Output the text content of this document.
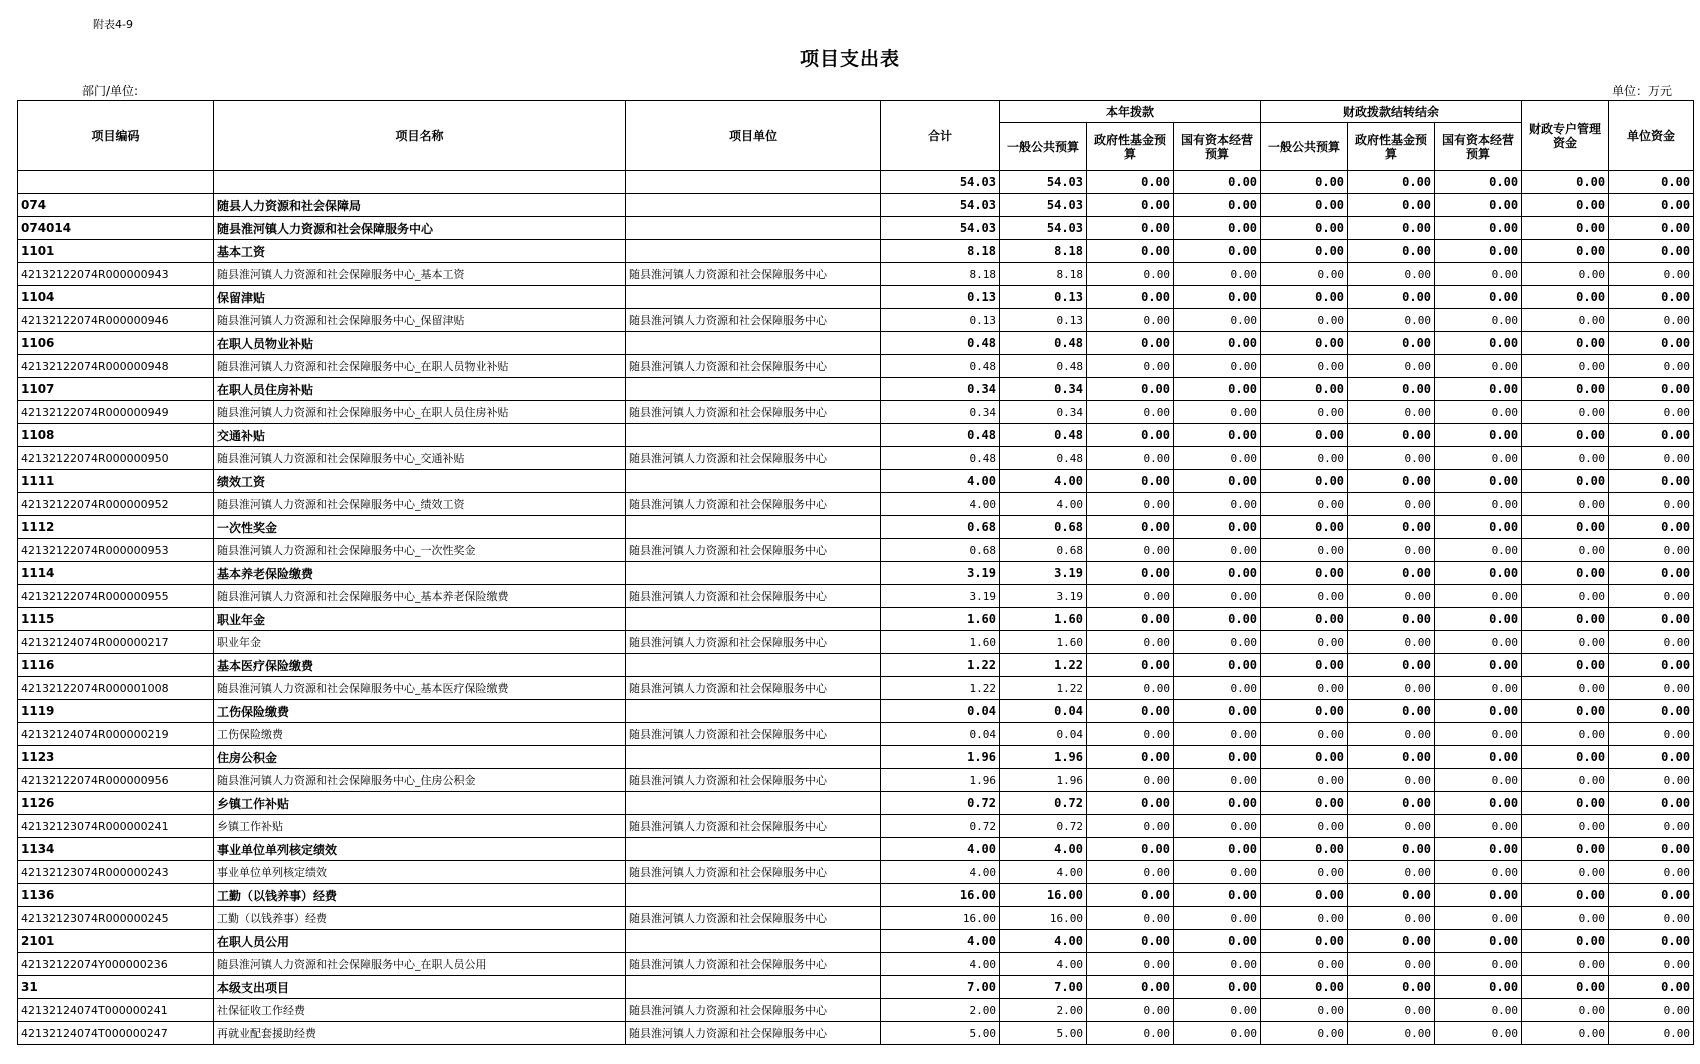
附表4-9
项目支出表
部门/单位:	单位：万元
项目编码	项目名称	项目单位	合计	本年拨款			财政拨款结转结余			财政专户管理资金	单位资金
				一般公共预算	政府性基金预算	国有资本经营预算	一般公共预算	政府性基金预算	国有资本经营预算		
			54.03	54.03	0.00	0.00	0.00	0.00	0.00	0.00	0.00
074	随县人力资源和社会保障局		54.03	54.03	0.00	0.00	0.00	0.00	0.00	0.00	0.00
074014	随县淮河镇人力资源和社会保障服务中心		54.03	54.03	0.00	0.00	0.00	0.00	0.00	0.00	0.00
1101	基本工资		8.18	8.18	0.00	0.00	0.00	0.00	0.00	0.00	0.00
42132122074R000000943	随县淮河镇人力资源和社会保障服务中心_基本工资	随县淮河镇人力资源和社会保障服务中心	8.18	8.18	0.00	0.00	0.00	0.00	0.00	0.00	0.00
1104	保留津贴		0.13	0.13	0.00	0.00	0.00	0.00	0.00	0.00	0.00
42132122074R000000946	随县淮河镇人力资源和社会保障服务中心_保留津贴	随县淮河镇人力资源和社会保障服务中心	0.13	0.13	0.00	0.00	0.00	0.00	0.00	0.00	0.00
1106	在职人员物业补贴		0.48	0.48	0.00	0.00	0.00	0.00	0.00	0.00	0.00
42132122074R000000948	随县淮河镇人力资源和社会保障服务中心_在职人员物业补贴	随县淮河镇人力资源和社会保障服务中心	0.48	0.48	0.00	0.00	0.00	0.00	0.00	0.00	0.00
1107	在职人员住房补贴		0.34	0.34	0.00	0.00	0.00	0.00	0.00	0.00	0.00
42132122074R000000949	随县淮河镇人力资源和社会保障服务中心_在职人员住房补贴	随县淮河镇人力资源和社会保障服务中心	0.34	0.34	0.00	0.00	0.00	0.00	0.00	0.00	0.00
1108	交通补贴		0.48	0.48	0.00	0.00	0.00	0.00	0.00	0.00	0.00
42132122074R000000950	随县淮河镇人力资源和社会保障服务中心_交通补贴	随县淮河镇人力资源和社会保障服务中心	0.48	0.48	0.00	0.00	0.00	0.00	0.00	0.00	0.00
1111	绩效工资		4.00	4.00	0.00	0.00	0.00	0.00	0.00	0.00	0.00
42132122074R000000952	随县淮河镇人力资源和社会保障服务中心_绩效工资	随县淮河镇人力资源和社会保障服务中心	4.00	4.00	0.00	0.00	0.00	0.00	0.00	0.00	0.00
1112	一次性奖金		0.68	0.68	0.00	0.00	0.00	0.00	0.00	0.00	0.00
42132122074R000000953	随县淮河镇人力资源和社会保障服务中心_一次性奖金	随县淮河镇人力资源和社会保障服务中心	0.68	0.68	0.00	0.00	0.00	0.00	0.00	0.00	0.00
1114	基本养老保险缴费		3.19	3.19	0.00	0.00	0.00	0.00	0.00	0.00	0.00
42132122074R000000955	随县淮河镇人力资源和社会保障服务中心_基本养老保险缴费	随县淮河镇人力资源和社会保障服务中心	3.19	3.19	0.00	0.00	0.00	0.00	0.00	0.00	0.00
1115	职业年金		1.60	1.60	0.00	0.00	0.00	0.00	0.00	0.00	0.00
42132124074R000000217	职业年金	随县淮河镇人力资源和社会保障服务中心	1.60	1.60	0.00	0.00	0.00	0.00	0.00	0.00	0.00
1116	基本医疗保险缴费		1.22	1.22	0.00	0.00	0.00	0.00	0.00	0.00	0.00
42132122074R000001008	随县淮河镇人力资源和社会保障服务中心_基本医疗保险缴费	随县淮河镇人力资源和社会保障服务中心	1.22	1.22	0.00	0.00	0.00	0.00	0.00	0.00	0.00
1119	工伤保险缴费		0.04	0.04	0.00	0.00	0.00	0.00	0.00	0.00	0.00
42132124074R000000219	工伤保险缴费	随县淮河镇人力资源和社会保障服务中心	0.04	0.04	0.00	0.00	0.00	0.00	0.00	0.00	0.00
1123	住房公积金		1.96	1.96	0.00	0.00	0.00	0.00	0.00	0.00	0.00
42132122074R000000956	随县淮河镇人力资源和社会保障服务中心_住房公积金	随县淮河镇人力资源和社会保障服务中心	1.96	1.96	0.00	0.00	0.00	0.00	0.00	0.00	0.00
1126	乡镇工作补贴		0.72	0.72	0.00	0.00	0.00	0.00	0.00	0.00	0.00
42132123074R000000241	乡镇工作补贴	随县淮河镇人力资源和社会保障服务中心	0.72	0.72	0.00	0.00	0.00	0.00	0.00	0.00	0.00
1134	事业单位单列核定绩效		4.00	4.00	0.00	0.00	0.00	0.00	0.00	0.00	0.00
42132123074R000000243	事业单位单列核定绩效	随县淮河镇人力资源和社会保障服务中心	4.00	4.00	0.00	0.00	0.00	0.00	0.00	0.00	0.00
1136	工勤（以钱养事）经费		16.00	16.00	0.00	0.00	0.00	0.00	0.00	0.00	0.00
42132123074R000000245	工勤（以钱养事）经费	随县淮河镇人力资源和社会保障服务中心	16.00	16.00	0.00	0.00	0.00	0.00	0.00	0.00	0.00
2101	在职人员公用		4.00	4.00	0.00	0.00	0.00	0.00	0.00	0.00	0.00
42132122074Y000000236	随县淮河镇人力资源和社会保障服务中心_在职人员公用	随县淮河镇人力资源和社会保障服务中心	4.00	4.00	0.00	0.00	0.00	0.00	0.00	0.00	0.00
31	本级支出项目		7.00	7.00	0.00	0.00	0.00	0.00	0.00	0.00	0.00
42132124074T000000241	社保征收工作经费	随县淮河镇人力资源和社会保障服务中心	2.00	2.00	0.00	0.00	0.00	0.00	0.00	0.00	0.00
42132124074T000000247	再就业配套援助经费	随县淮河镇人力资源和社会保障服务中心	5.00	5.00	0.00	0.00	0.00	0.00	0.00	0.00	0.00
